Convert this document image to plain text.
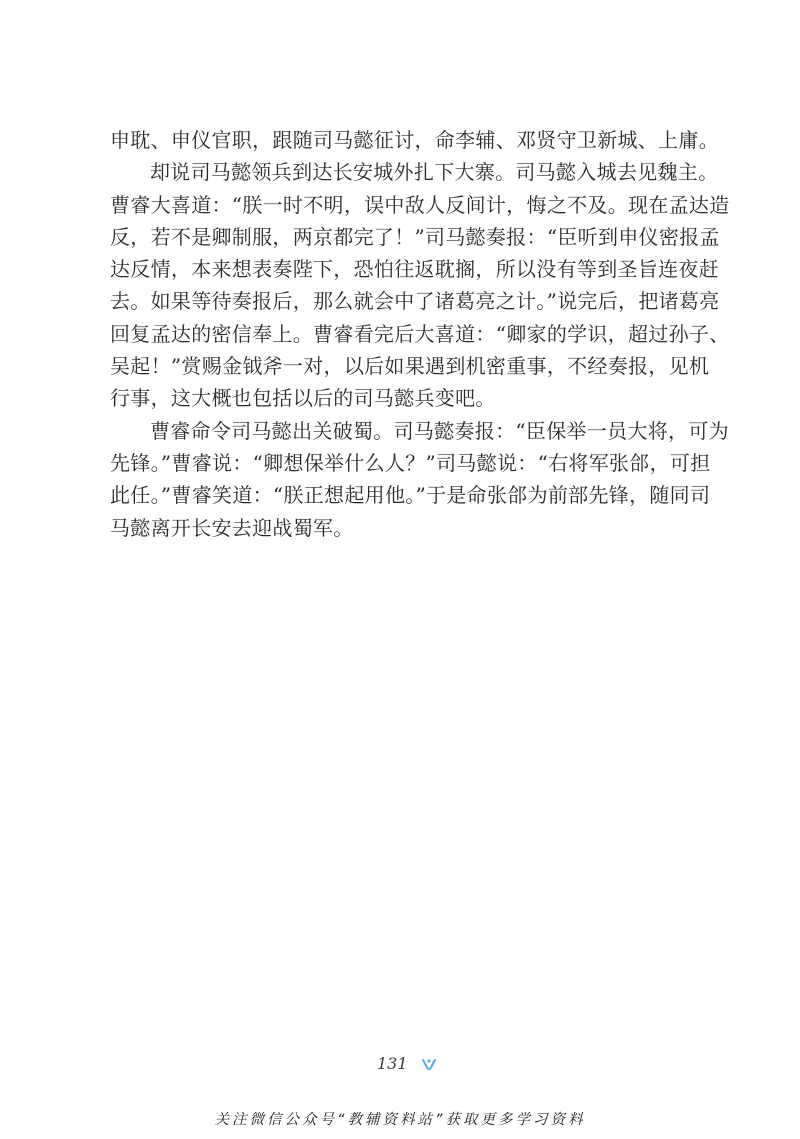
申耽、申仪官职，跟随司马懿征讨，命李辅、邓贤守卫新城、上庸。
却说司马懿领兵到达长安城外扎下大寨。司马懿入城去见魏主。
曹睿大喜道：“朕一时不明，误中敌人反间计，悔之不及。现在孟达造
反，若不是卿制服，两京都完了！”司马懿奏报：“臣听到申仪密报孟
达反情，本来想表奏陛下，恐怕往返耽搁，所以没有等到圣旨连夜赶
去。如果等待奏报后，那么就会中了诸葛亮之计。”说完后，把诸葛亮
回复孟达的密信奉上。曹睿看完后大喜道：“卿家的学识，超过孙子、
吴起！”赏赐金钺斧一对，以后如果遇到机密重事，不经奏报，见机
行事，这大概也包括以后的司马懿兵变吧。
曹睿命令司马懿出关破蜀。司马懿奏报：“臣保举一员大将，可为
先锋。”曹睿说：“卿想保举什么人？”司马懿说：“右将军张郃，可担
此任。”曹睿笑道：“朕正想起用他。”于是命张郃为前部先锋，随同司
马懿离开长安去迎战蜀军。
131
关注微信公众号“教辅资料站”获取更多学习资料
